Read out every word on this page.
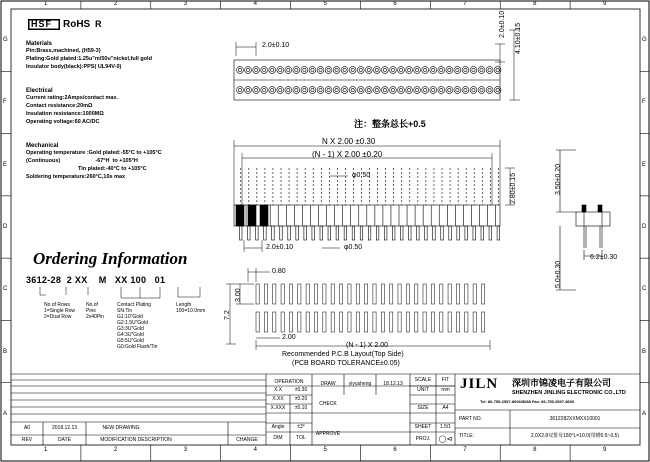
1
1
2
2
3
3
4
4
5
5
6
6
7
7
8
8
9
9
G	G
F	F
E	E
D	D
C	C
B	B
A	A
HSF RoHS Я
Materials
Pin:Brass,machined, (H59-3)
Plating:Gold plated:1.25u"m/50u"nickel,full gold
Insulator body(black):PPS( UL94V-0)
Electrical
Current rating:2Amps/contact max.
Contact resistance:20mΩ
Insulation resistance:1000MΩ
Operating voltage:60 AC/DC
Mechanical
Operating temperature :Gold plated:-55°C to +105°C
(Continuous)                       -67°H  to +105°H
Tin plated:-40°C to +105°C
Soldering temperature:260°C,10s max
Ordering Information
3612-28 2 XX M XX 100 01
No.of Rows
1=Single Row
2=Dual Row
No.of
Pins
2x40Pin
Contact Plating
SN:Tin
G1:10"Gold
G2:1.5U"Gold
G3:3U"Gold
G4:3U"Gold
G5:5U"Gold
G0:Gold Flash/Tin
Length
100=10.0mm
2.0±0.10
2.0±0.10 4.10±0.15
注：整条总长+0.5
N X 2.00 ±0.30
(N - 1) X 2.00 ±0.20
φ0.50	2.80±0.15
2.0±0.10	φ0.50
3.50±0.20
5.0±0.30
6.2±0.30
0.80
3.00
7.2
2.00
(N - 1) X 2.00
Recommended P.C.B Layout(Top Side)
(PCB BOARD TOLERANCE±0.05)
OPERATION
X.X	±0.30
X.XX	±0.20
X.XXX	±0.10
Angle	±3°
DIM	TOL
DRAW	yiyusheng	18.12.13
CHECK
APPROVE
SCALE	FIT
UNIT	mm
SIZE	A4
SHEET	1.5/1
PROJ.	◯⊲
JILN 深圳市锦凌电子有限公司
SHENZHEN JINLING ELECTRONIC CO.,LTD
Tel: 86-755-2597-8606/8088 Fax: 86-755-2597-8600
PART NO.	3612282XXMXX10001
TITLE:	2.0X2.8双排母180°L=10.0(带槽0.5~0.5)
A0	2018.12.13	NEW DRAWING
REV	DATE	MODIFICATION DESCRIPTION	CHANGE
